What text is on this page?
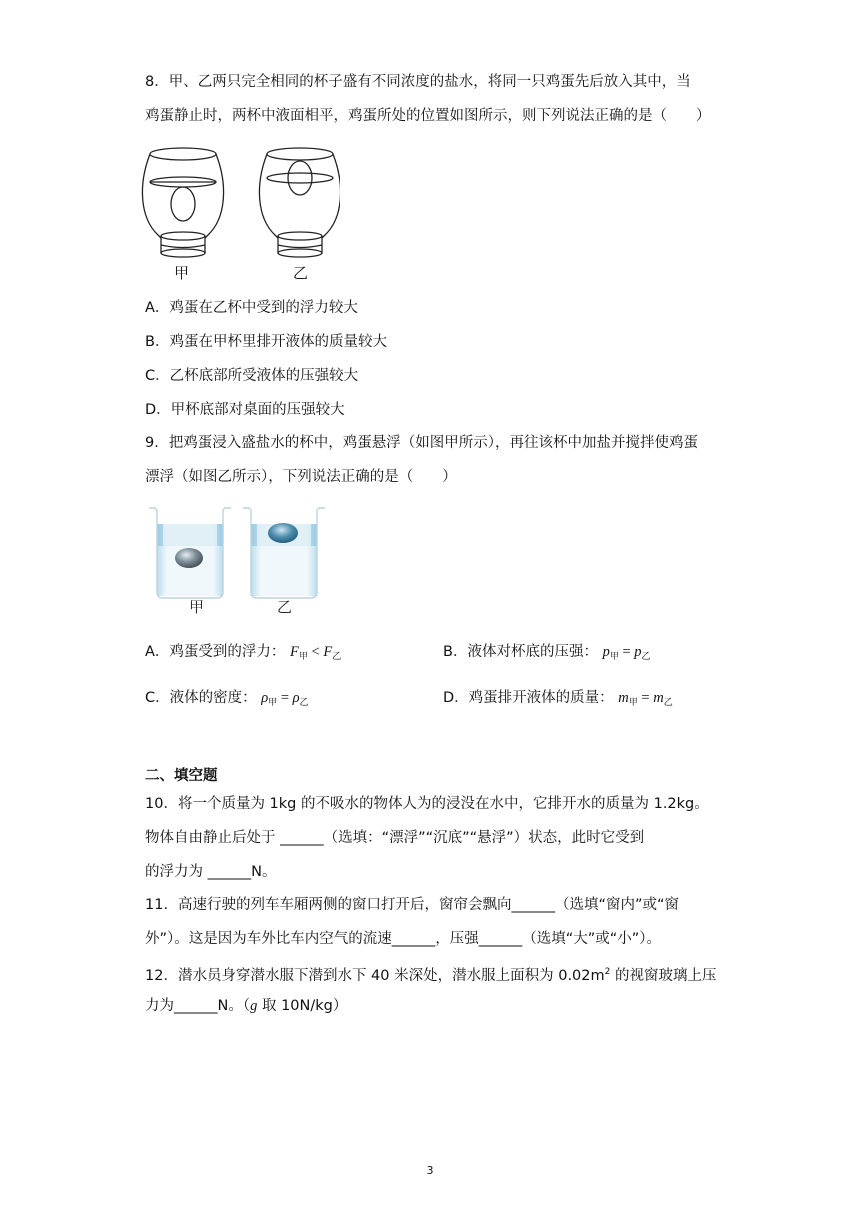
8．甲、乙两只完全相同的杯子盛有不同浓度的盐水，将同一只鸡蛋先后放入其中，当
鸡蛋静止时，两杯中液面相平，鸡蛋所处的位置如图所示，则下列说法正确的是（　　）
甲	乙
A．鸡蛋在乙杯中受到的浮力较大
B．鸡蛋在甲杯里排开液体的质量较大
C．乙杯底部所受液体的压强较大
D．甲杯底部对桌面的压强较大
9．把鸡蛋浸入盛盐水的杯中，鸡蛋悬浮（如图甲所示），再往该杯中加盐并搅拌使鸡蛋
漂浮（如图乙所示），下列说法正确的是（　　）
甲	乙
A．鸡蛋受到的浮力： $F_甲 < F_乙$	B．液体对杯底的压强： $p_甲 = p_乙$
C．液体的密度： $\rho_甲 = \rho_乙$	D．鸡蛋排开液体的质量： $m_甲 = m_乙$
二、填空题
10．将一个质量为 1kg 的不吸水的物体人为的浸没在水中，它排开水的质量为 1.2kg。
物体自由静止后处于 ______（选填：“漂浮”“沉底”“悬浮”）状态，此时它受到
的浮力为 ______N。
11．高速行驶的列车车厢两侧的窗口打开后，窗帘会飘向______（选填“窗内”或“窗
外”）。这是因为车外比车内空气的流速______，压强______（选填“大”或“小”）。
12．潜水员身穿潜水服下潜到水下 40 米深处，潜水服上面积为 $0.02m^2$ 的视窗玻璃上压
力为______N。（g 取 10N/kg）
3
